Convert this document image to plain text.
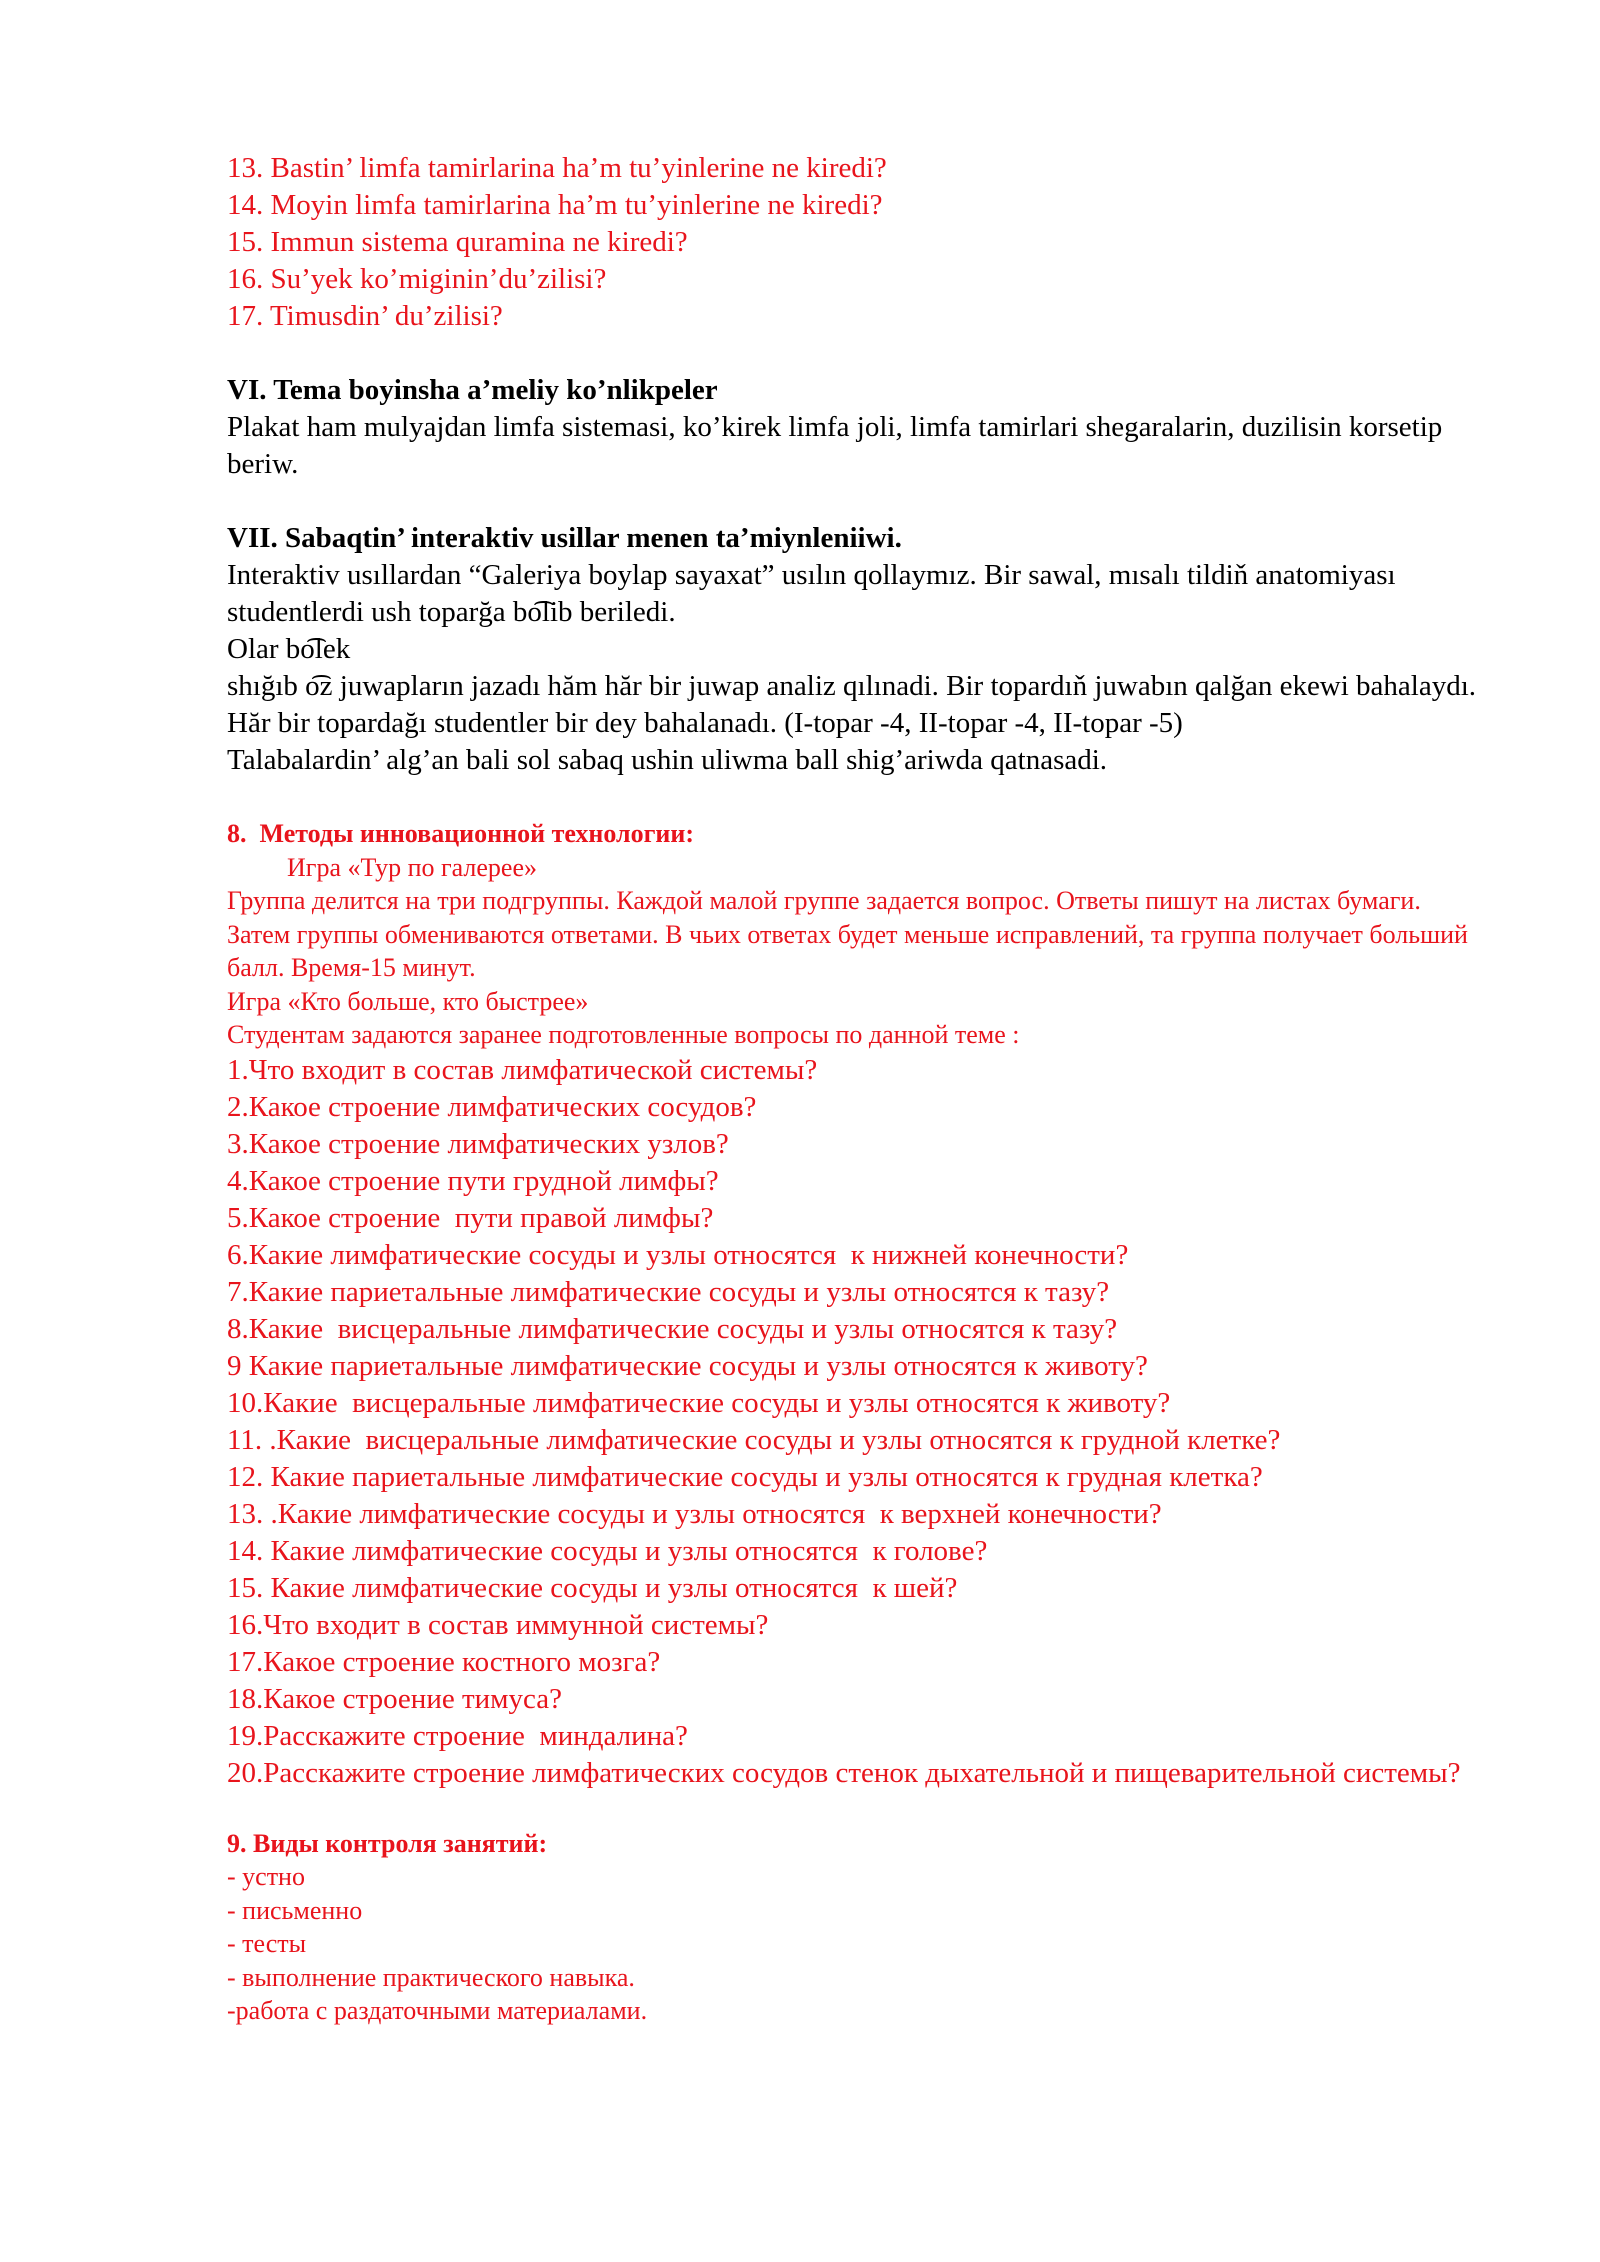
13. Bastin’ limfa tamirlarina ha’m tu’yinlerine ne kiredi?
14. Moyin limfa tamirlarina ha’m tu’yinlerine ne kiredi?
15. Immun sistema quramina ne kiredi?
16. Su’yek ko’miginin’du’zilisi?
17. Timusdin’ du’zilisi?
VI. Tema boyinsha a’meliy ko’nlikpeler
Plakat ham mulyajdan limfa sistemasi, ko’kirek limfa joli, limfa tamirlari shegaralarin, duzilisin korsetip beriw.
VII. Sabaqtin’ interaktiv usillar menen ta’miynleniiwi.
Interaktiv usıllardan “Galeriya boylap sayaxat” usılın qollaymız. Bir sawal, mısalı tildiň anatomiyası studentlerdi ush toparğa bo͡lib beriledi.
Olar bo͡lek
shığıb o͡z juwapların jazadı hăm hăr bir juwap analiz qılınadi. Bir topardıň juwabın qalğan ekewi bahalaydı. Hăr bir topardağı studentler bir dey bahalanadı. (I-topar -4, II-topar -4, II-topar -5)
Talabalardin’ alg’an bali sol sabaq ushin uliwma ball shig’ariwda qatnasadi.
8.  Методы инновационной технологии:
Игра «Тур по галерее»
Группа делится на три подгруппы. Каждой малой группе задается вопрос. Ответы пишут на листах бумаги. Затем группы обмениваются ответами. В чьих ответах будет меньше исправлений, та группа получает больший балл. Время-15 минут.
Игра «Кто больше, кто быстрее»
Студентам задаются заранее подготовленные вопросы по данной теме :
1.Что входит в состав лимфатической системы?
2.Какое строение лимфатических сосудов?
3.Какое строение лимфатических узлов?
4.Какое строение пути грудной лимфы?
5.Какое строение  пути правой лимфы?
6.Какие лимфатические сосуды и узлы относятся  к нижней конечности?
7.Какие париетальные лимфатические сосуды и узлы относятся к тазу?
8.Какие  висцеральные лимфатические сосуды и узлы относятся к тазу?
9 Какие париетальные лимфатические сосуды и узлы относятся к животу?
10.Какие  висцеральные лимфатические сосуды и узлы относятся к животу?
11. .Какие  висцеральные лимфатические сосуды и узлы относятся к грудной клетке?
12. Какие париетальные лимфатические сосуды и узлы относятся к грудная клетка?
13. .Какие лимфатические сосуды и узлы относятся  к верхней конечности?
14. Какие лимфатические сосуды и узлы относятся  к голове?
15. Какие лимфатические сосуды и узлы относятся  к шей?
16.Что входит в состав иммунной системы?
17.Какое строение костного мозга?
18.Какое строение тимуса?
19.Расскажите строение  миндалина?
20.Расскажите строение лимфатических сосудов стенок дыхательной и пищеварительной системы?
9. Виды контроля занятий:
- устно
- письменно
- тесты
- выполнение практического навыка.
-работа с раздаточными материалами.
